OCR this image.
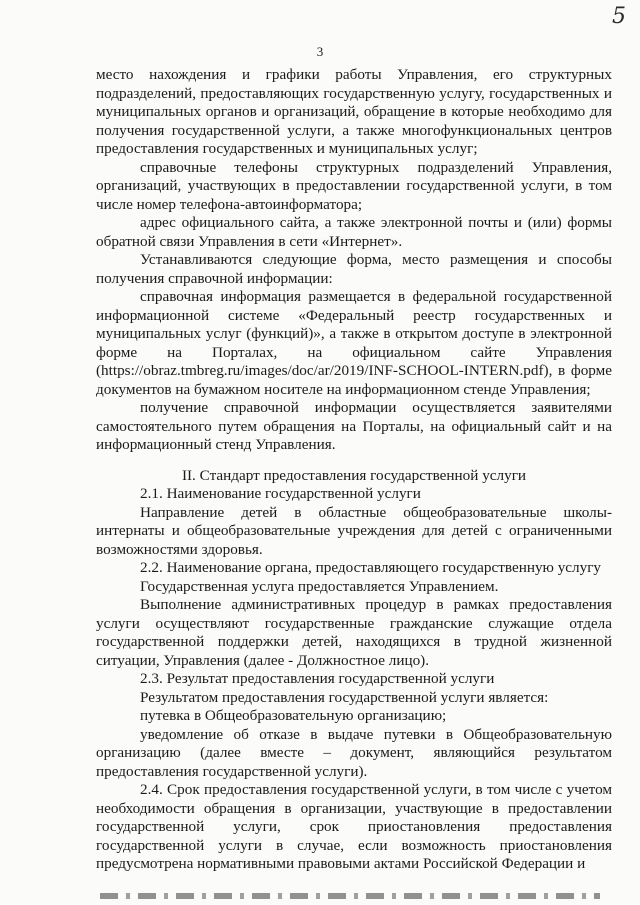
5
3

место нахождения и графики работы Управления, его структурных подразделений, предоставляющих государственную услугу, государственных и муниципальных органов и организаций, обращение в которые необходимо для получения государственной услуги, а также многофункциональных центров предоставления государственных и муниципальных услуг;

справочные телефоны структурных подразделений Управления, организаций, участвующих в предоставлении государственной услуги, в том числе номер телефона-автоинформатора;

адрес официального сайта, а также электронной почты и (или) формы обратной связи Управления в сети «Интернет».

Устанавливаются следующие форма, место размещения и способы получения справочной информации:

справочная информация размещается в федеральной государственной информационной системе «Федеральный реестр государственных и муниципальных услуг (функций)», а также в открытом доступе в электронной форме на Порталах, на официальном сайте Управления (https://obraz.tmbreg.ru/images/doc/ar/2019/INF-SCHOOL-INTERN.pdf), в форме документов на бумажном носителе на информационном стенде Управления;

получение справочной информации осуществляется заявителями самостоятельного путем обращения на Порталы, на официальный сайт и на информационный стенд Управления.

II. Стандарт предоставления государственной услуги

2.1. Наименование государственной услуги

Направление детей в областные общеобразовательные школы-интернаты и общеобразовательные учреждения для детей с ограниченными возможностями здоровья.

2.2. Наименование органа, предоставляющего государственную услугу

Государственная услуга предоставляется Управлением.

Выполнение административных процедур в рамках предоставления услуги осуществляют государственные гражданские служащие отдела государственной поддержки детей, находящихся в трудной жизненной ситуации, Управления (далее - Должностное лицо).

2.3. Результат предоставления государственной услуги

Результатом предоставления государственной услуги является:

путевка в Общеобразовательную организацию;

уведомление об отказе в выдаче путевки в Общеобразовательную организацию (далее вместе – документ, являющийся результатом предоставления государственной услуги).

2.4. Срок предоставления государственной услуги, в том числе с учетом необходимости обращения в организации, участвующие в предоставлении государственной услуги, срок приостановления предоставления государственной услуги в случае, если возможность приостановления предусмотрена нормативными правовыми актами Российской Федерации и
